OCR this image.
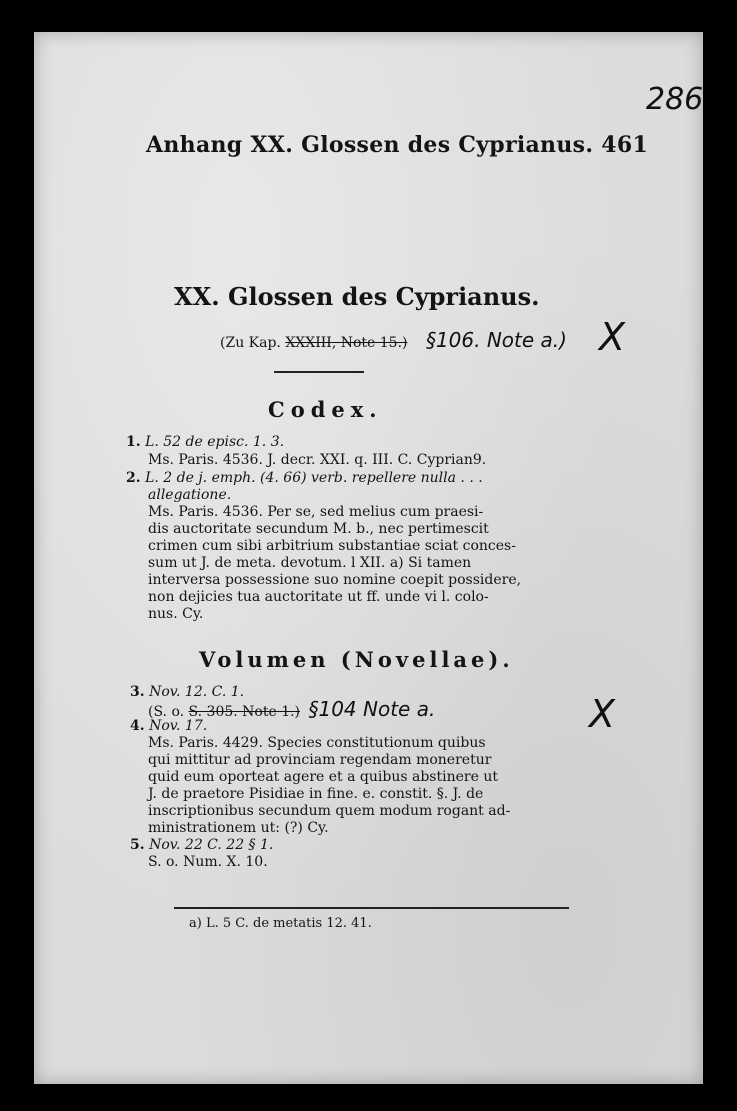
286
Anhang XX. Glossen des Cyprianus. 461
XX. Glossen des Cyprianus.
(Zu Kap. XXXIII, Note 15.) §106. Note a.) X
Codex.
1. L. 52 de episc. 1. 3.
Ms. Paris. 4536. J. decr. XXI. q. III. C. Cyprian9.
2. L. 2 de j. emph. (4. 66) verb. repellere nulla . . .
allegatione.
Ms. Paris. 4536. Per se, sed melius cum praesi-
dis auctoritate secundum M. b., nec pertimescit
crimen cum sibi arbitrium substantiae sciat conces-
sum ut J. de meta. devotum. l XII. a) Si tamen
interversa possessione suo nomine coepit possidere,
non dejicies tua auctoritate ut ff. unde vi l. colo-
nus. Cy.
Volumen (Novellae).
3. Nov. 12. C. 1.
(S. o. S. 305. Note 1.) §104 Note a.	X
4. Nov. 17.
Ms. Paris. 4429. Species constitutionum quibus
qui mittitur ad provinciam regendam moneretur
quid eum oporteat agere et a quibus abstinere ut
J. de praetore Pisidiae in fine. e. constit. §. J. de
inscriptionibus secundum quem modum rogant ad-
ministrationem ut: (?) Cy.
5. Nov. 22 C. 22 § 1.
S. o. Num. X. 10.
a) L. 5 C. de metatis 12. 41.
